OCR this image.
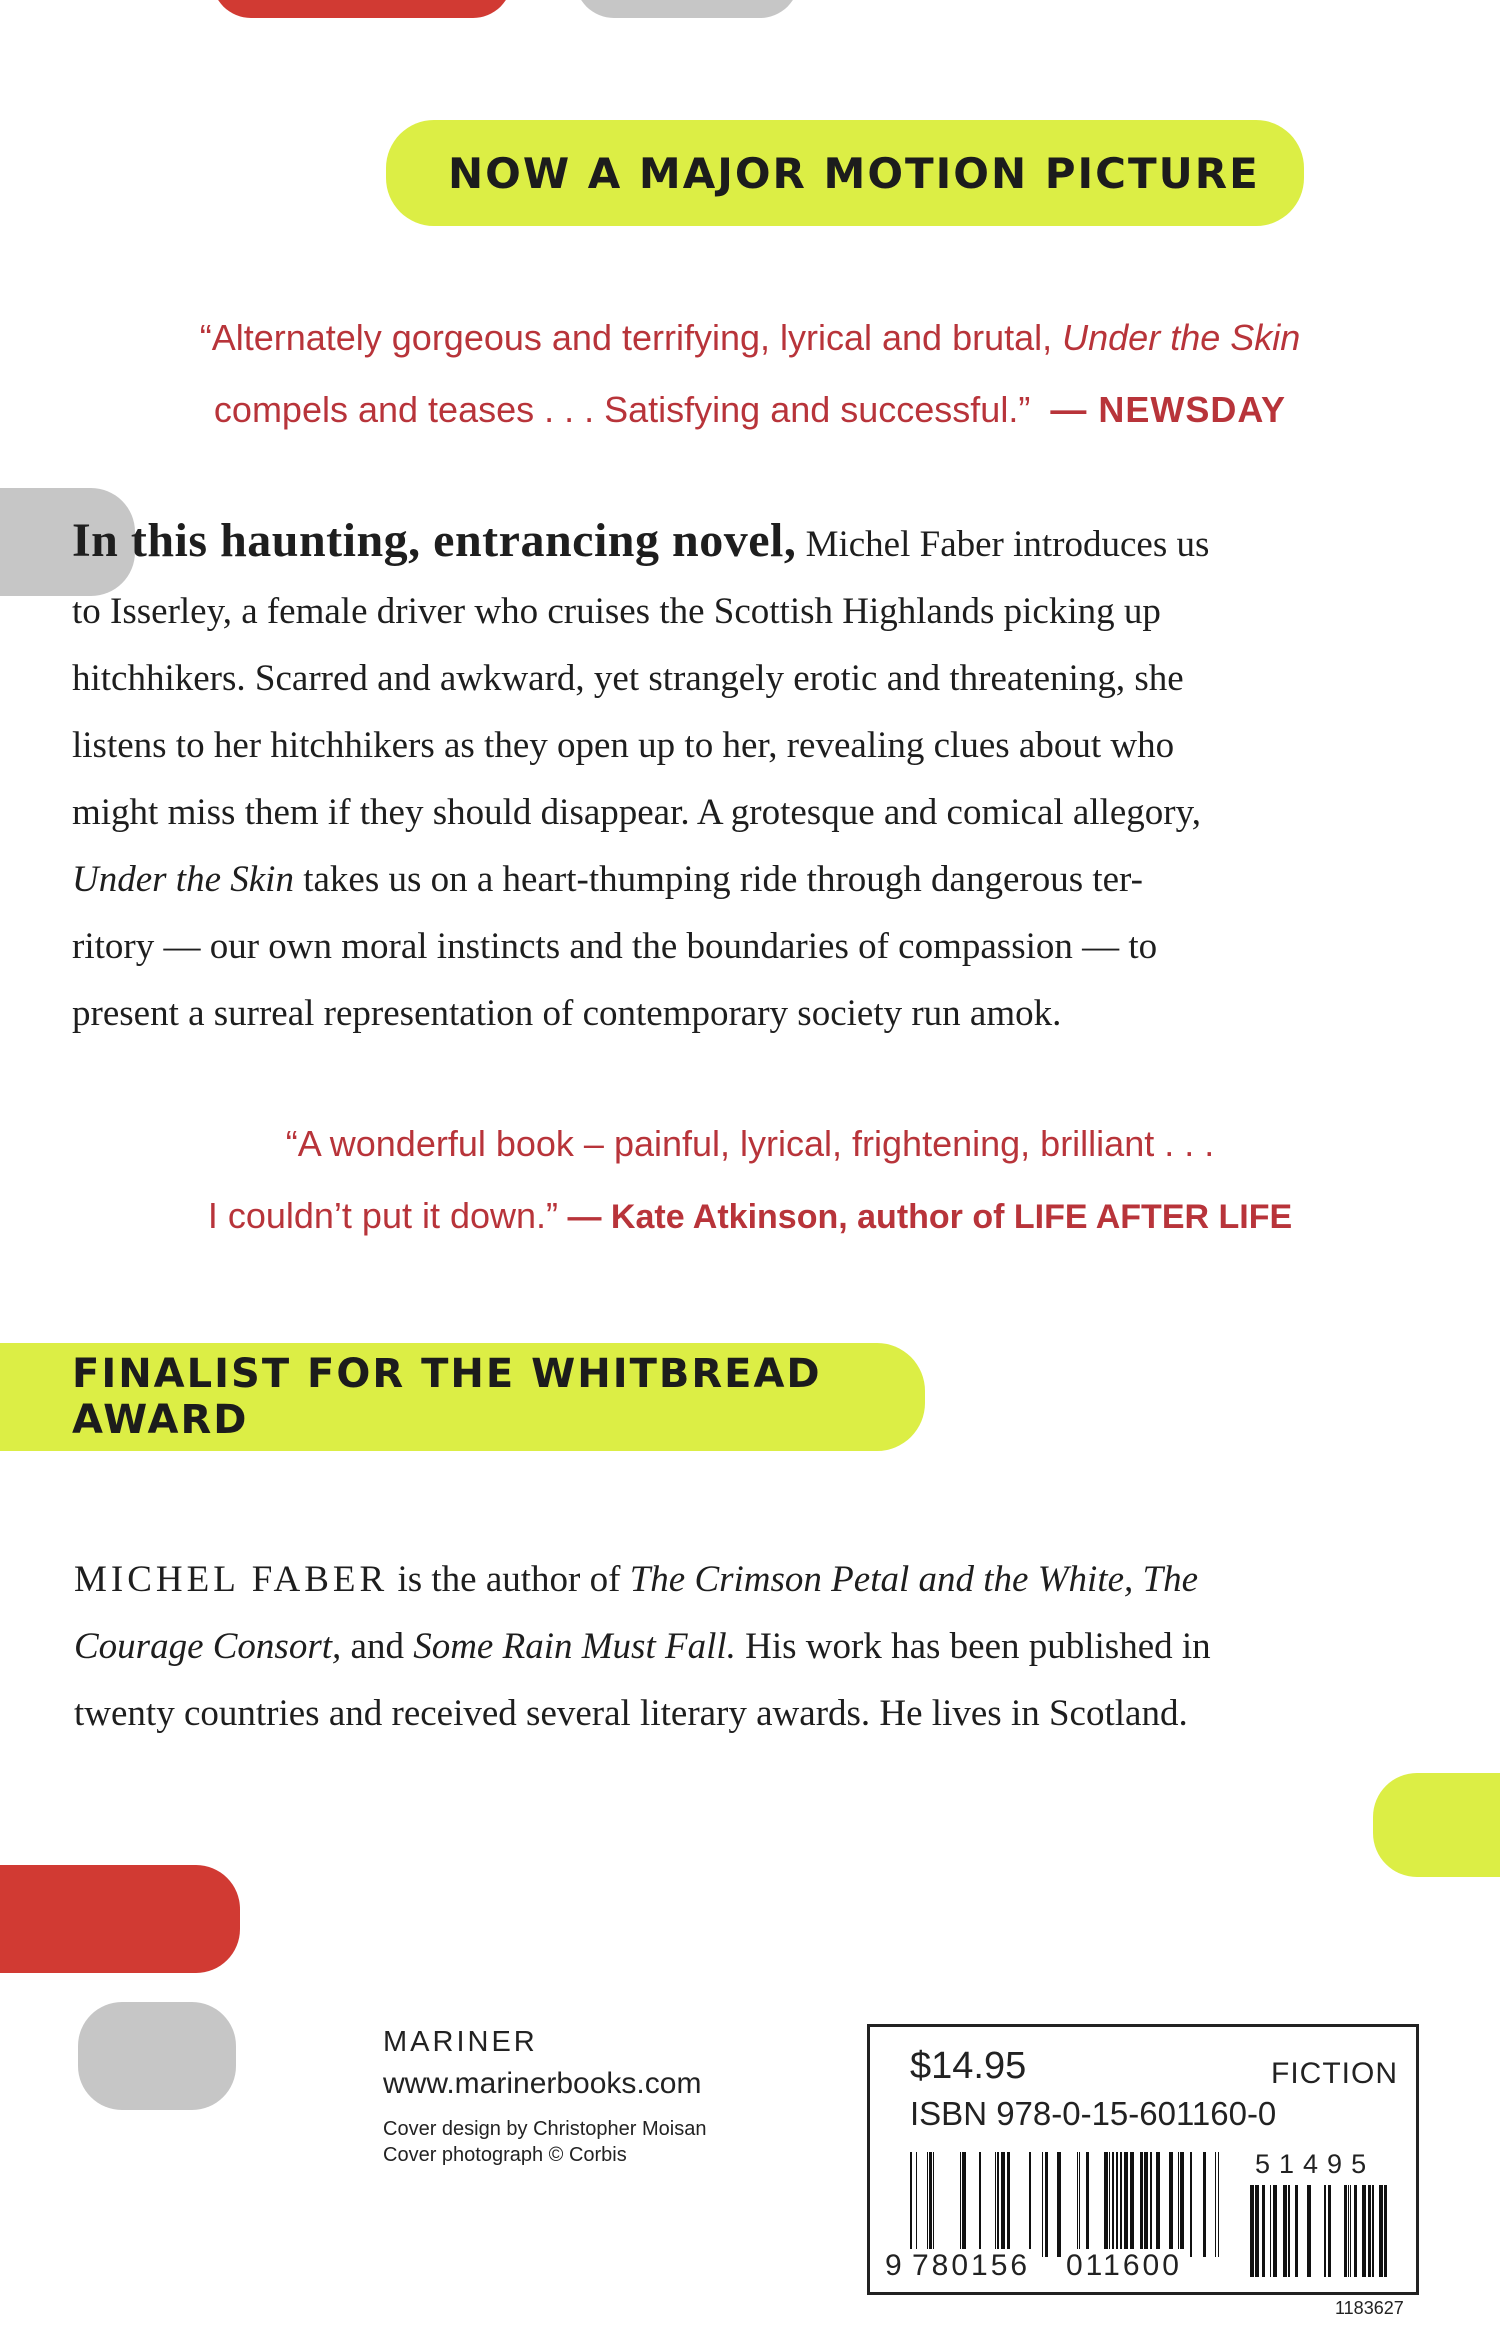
NOW A MAJOR MOTION PICTURE
“Alternately gorgeous and terrifying, lyrical and brutal, Under the Skin
compels and teases . . . Satisfying and successful.” — NEWSDAY
In this haunting, entrancing novel, Michel Faber introduces us
to Isserley, a female driver who cruises the Scottish Highlands picking up
hitchhikers. Scarred and awkward, yet strangely erotic and threatening, she
listens to her hitchhikers as they open up to her, revealing clues about who
might miss them if they should disappear. A grotesque and comical allegory,
Under the Skin takes us on a heart-thumping ride through dangerous ter-
ritory — our own moral instincts and the boundaries of compassion — to
present a surreal representation of contemporary society run amok.
“A wonderful book – painful, lyrical, frightening, brilliant . . .
I couldn’t put it down.” — Kate Atkinson, author of LIFE AFTER LIFE
FINALIST FOR THE WHITBREAD AWARD
MICHEL FABER is the author of The Crimson Petal and the White, The
Courage Consort, and Some Rain Must Fall. His work has been published in
twenty countries and received several literary awards. He lives in Scotland.
MARINER
www.marinerbooks.com
Cover design by Christopher Moisan
Cover photograph © Corbis
$14.95	FICTION
ISBN 978-0-15-601160-0
51495
9 780156 011600
1183627
